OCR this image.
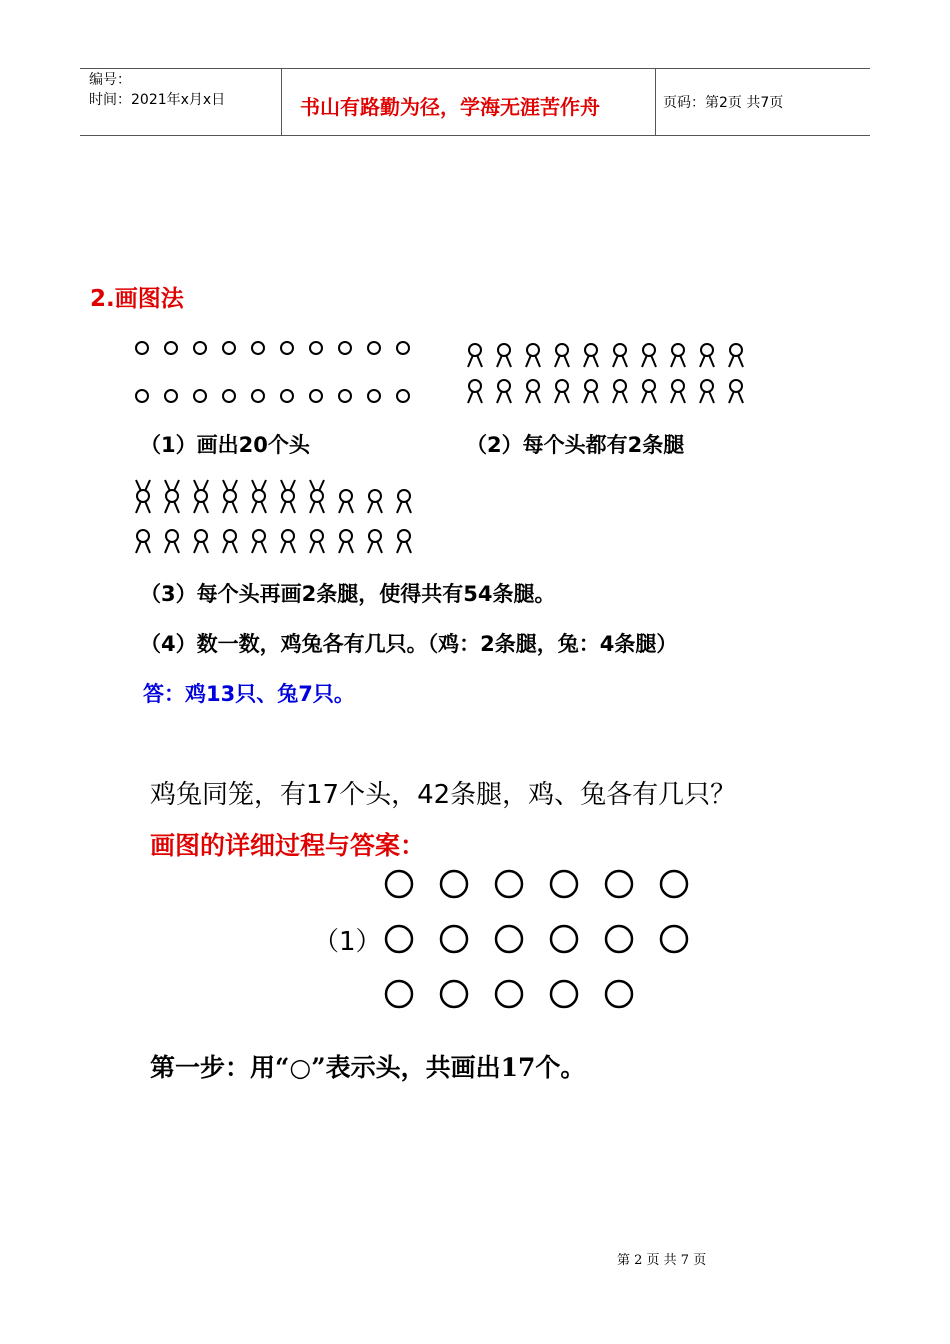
编号：
时间：2021年x月x日	书山有路勤为径，学海无涯苦作舟	页码：第2页 共7页
2.画图法
（1）画出20个头	（2）每个头都有2条腿
（3）每个头再画2条腿，使得共有54条腿。
（4）数一数，鸡兔各有几只。（鸡：2条腿，兔：4条腿）
答：鸡13只、兔7只。
鸡兔同笼，有17个头，42条腿，鸡、兔各有几只？
画图的详细过程与答案：
（1）
第一步：用“○”表示头，共画出17个。
第 2 页 共 7 页
